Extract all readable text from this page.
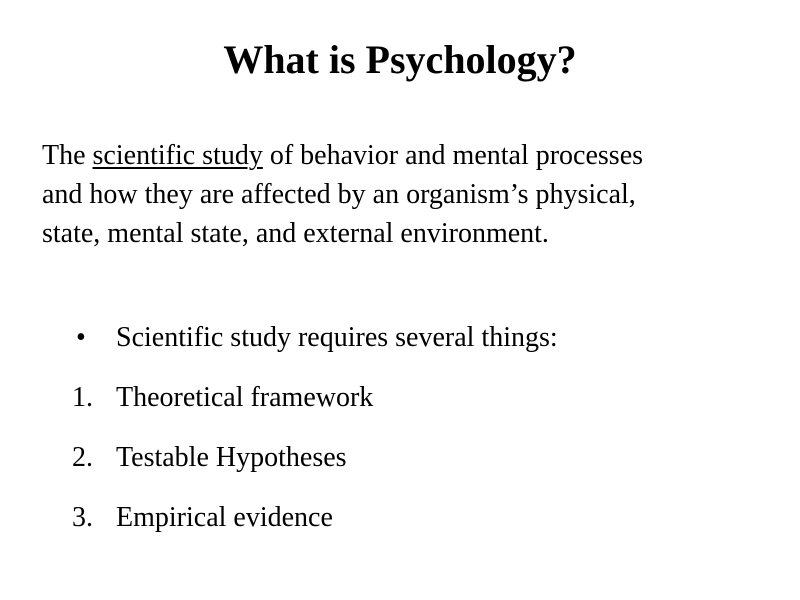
What is Psychology?

The scientific study of behavior and mental processes
and how they are affected by an organism’s physical,
state, mental state, and external environment.

• Scientific study requires several things:
1. Theoretical framework
2. Testable Hypotheses
3. Empirical evidence
